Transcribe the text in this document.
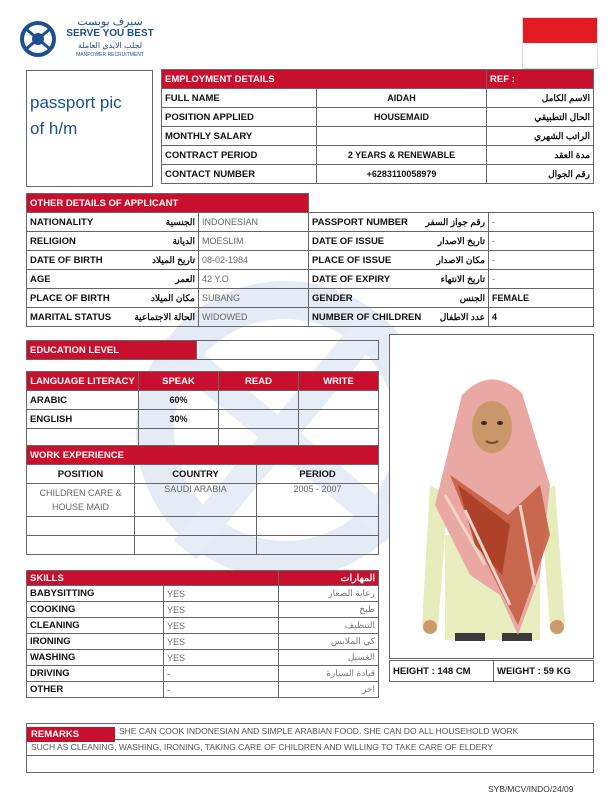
سيرف يوبست
SERVE YOU BEST
لجلب الايدي العاملة
MANPOWER RECRUITMENT
passport pic
of h/m
EMPLOYMENT DETAILS		REF :
FULL NAME	AIDAH	الاسم الكامل
POSITION APPLIED	HOUSEMAID	الحال التطبيقي
MONTHLY SALARY		الراتب الشهري
CONTRACT PERIOD	2 YEARS & RENEWABLE	مدة العقد
CONTACT NUMBER	+6283110058979	رقم الجوال
OTHER DETAILS OF APPLICANT			

NATIONALITY الجنسية	INDONESIAN	PASSPORT NUMBER رقم جواز السفر	-

RELIGION الديانة	MOESLIM	DATE OF ISSUE تاريخ الاصدار	-

DATE OF BIRTH تاريخ الميلاد	08-02-1984	PLACE OF ISSUE مكان الاصدار	-

AGE العمر	42 Y.O	DATE OF EXPIRY تاريخ الانتهاء	-

PLACE OF BIRTH مكان الميلاد	SUBANG	GENDER الجنس	FEMALE

MARITAL STATUS الحالة الاجتماعية	WIDOWED	NUMBER OF CHILDREN عدد الاطفال	4
EDUCATION LEVEL	
LANGUAGE LITERACY	SPEAK	READ	WRITE
ARABIC	60%		
ENGLISH	30%		

WORK EXPERIENCE		
POSITION	COUNTRY	PERIOD

CHILDREN CARE &
HOUSE MAID	SAUDI ARABIA	2005 - 2007

SKILLS		المهارات
BABYSITTING	YES	رعاية الصغار
COOKING	YES	طبخ
CLEANING	YES	التنظيف
IRONING	YES	كي الملابس
WASHING	YES	الغسيل
DRIVING	-	قيادة السيارة
OTHER	-	اخر
HEIGHT : 148 CM	WEIGHT : 59 KG
REMARKS	SHE CAN COOK INDONESIAN AND SIMPLE ARABIAN FOOD. SHE CAN DO ALL HOUSEHOLD WORK
SUCH AS CLEANING, WASHING, IRONING, TAKING CARE OF CHILDREN AND WILLING TO TAKE CARE OF ELDERY
SYB/MCV/INDO/24/09
